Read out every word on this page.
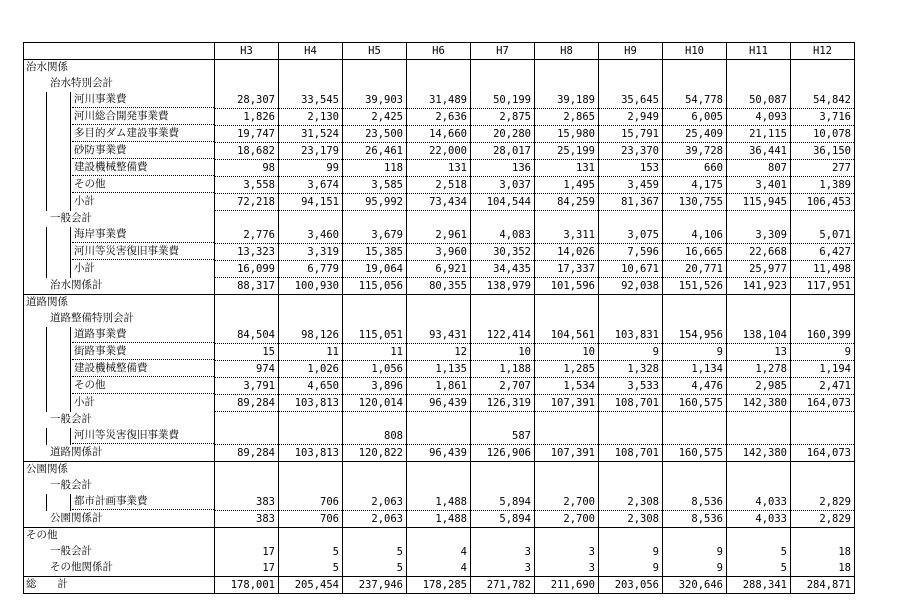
	H3	H4	H5	H6	H7	H8	H9	H10	H11	H12

治水関係										

治水特別会計										

河川事業費	28,307	33,545	39,903	31,489	50,199	39,189	35,645	54,778	50,087	54,842

河川総合開発事業費	1,826	2,130	2,425	2,636	2,875	2,865	2,949	6,005	4,093	3,716

多目的ダム建設事業費	19,747	31,524	23,500	14,660	20,280	15,980	15,791	25,409	21,115	10,078

砂防事業費	18,682	23,179	26,461	22,000	28,017	25,199	23,370	39,728	36,441	36,150

建設機械整備費	98	99	118	131	136	131	153	660	807	277

その他	3,558	3,674	3,585	2,518	3,037	1,495	3,459	4,175	3,401	1,389

小計	72,218	94,151	95,992	73,434	104,544	84,259	81,367	130,755	115,945	106,453

一般会計										

海岸事業費	2,776	3,460	3,679	2,961	4,083	3,311	3,075	4,106	3,309	5,071

河川等災害復旧事業費	13,323	3,319	15,385	3,960	30,352	14,026	7,596	16,665	22,668	6,427

小計	16,099	6,779	19,064	6,921	34,435	17,337	10,671	20,771	25,977	11,498

治水関係計	88,317	100,930	115,056	80,355	138,979	101,596	92,038	151,526	141,923	117,951

道路関係										

道路整備特別会計										

道路事業費	84,504	98,126	115,051	93,431	122,414	104,561	103,831	154,956	138,104	160,399

街路事業費	15	11	11	12	10	10	9	9	13	9

建設機械整備費	974	1,026	1,056	1,135	1,188	1,285	1,328	1,134	1,278	1,194

その他	3,791	4,650	3,896	1,861	2,707	1,534	3,533	4,476	2,985	2,471

小計	89,284	103,813	120,014	96,439	126,319	107,391	108,701	160,575	142,380	164,073

一般会計										

河川等災害復旧事業費			808		587					

道路関係計	89,284	103,813	120,822	96,439	126,906	107,391	108,701	160,575	142,380	164,073

公園関係										

一般会計										

都市計画事業費	383	706	2,063	1,488	5,894	2,700	2,308	8,536	4,033	2,829

公園関係計	383	706	2,063	1,488	5,894	2,700	2,308	8,536	4,033	2,829

その他										

一般会計	17	5	5	4	3	3	9	9	5	18

その他関係計	17	5	5	4	3	3	9	9	5	18

総　　計	178,001	205,454	237,946	178,285	271,782	211,690	203,056	320,646	288,341	284,871
